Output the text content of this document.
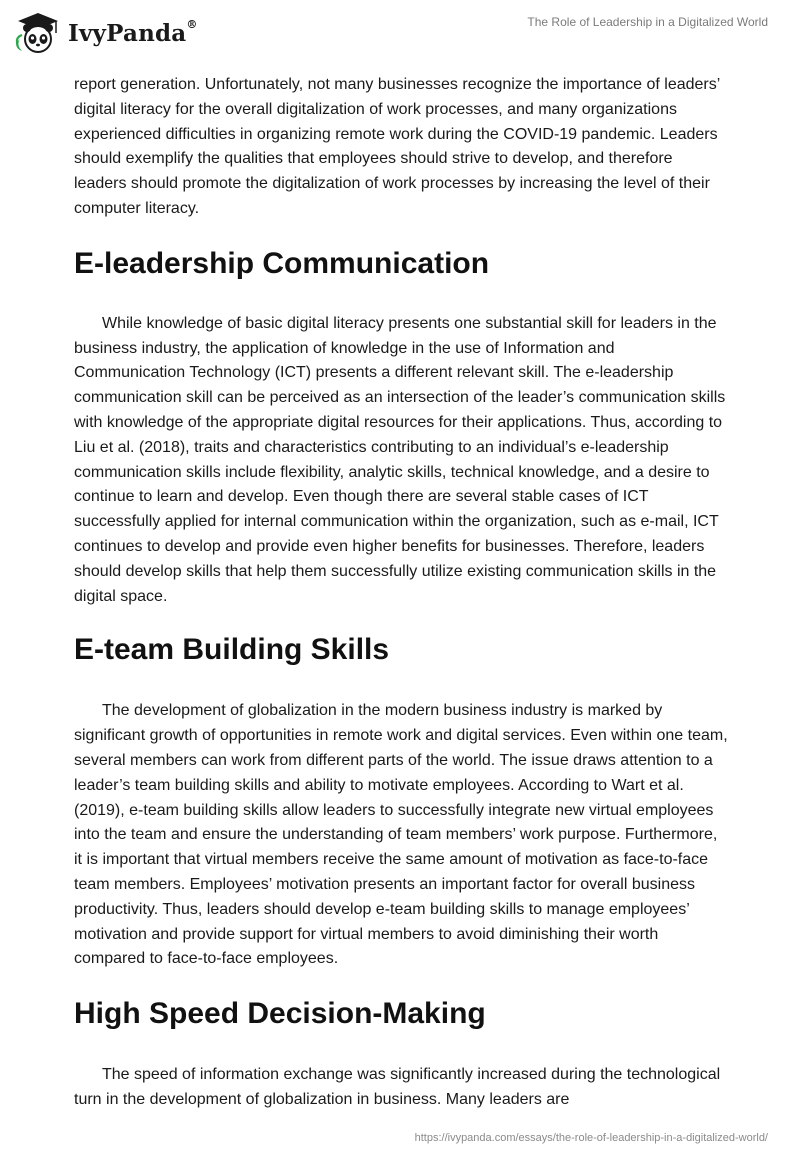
IvyPanda®	The Role of Leadership in a Digitalized World

report generation. Unfortunately, not many businesses recognize the importance of leaders’ digital literacy for the overall digitalization of work processes, and many organizations experienced difficulties in organizing remote work during the COVID-19 pandemic. Leaders should exemplify the qualities that employees should strive to develop, and therefore leaders should promote the digitalization of work processes by increasing the level of their computer literacy.

E-leadership Communication

While knowledge of basic digital literacy presents one substantial skill for leaders in the business industry, the application of knowledge in the use of Information and Communication Technology (ICT) presents a different relevant skill. The e-leadership communication skill can be perceived as an intersection of the leader’s communication skills with knowledge of the appropriate digital resources for their applications. Thus, according to Liu et al. (2018), traits and characteristics contributing to an individual’s e-leadership communication skills include flexibility, analytic skills, technical knowledge, and a desire to continue to learn and develop. Even though there are several stable cases of ICT successfully applied for internal communication within the organization, such as e-mail, ICT continues to develop and provide even higher benefits for businesses. Therefore, leaders should develop skills that help them successfully utilize existing communication skills in the digital space.

E-team Building Skills

The development of globalization in the modern business industry is marked by significant growth of opportunities in remote work and digital services. Even within one team, several members can work from different parts of the world. The issue draws attention to a leader’s team building skills and ability to motivate employees. According to Wart et al. (2019), e-team building skills allow leaders to successfully integrate new virtual employees into the team and ensure the understanding of team members’ work purpose. Furthermore, it is important that virtual members receive the same amount of motivation as face-to-face team members. Employees’ motivation presents an important factor for overall business productivity. Thus, leaders should develop e-team building skills to manage employees’ motivation and provide support for virtual members to avoid diminishing their worth compared to face-to-face employees.

High Speed Decision-Making

The speed of information exchange was significantly increased during the technological turn in the development of globalization in business. Many leaders are

https://ivypanda.com/essays/the-role-of-leadership-in-a-digitalized-world/
